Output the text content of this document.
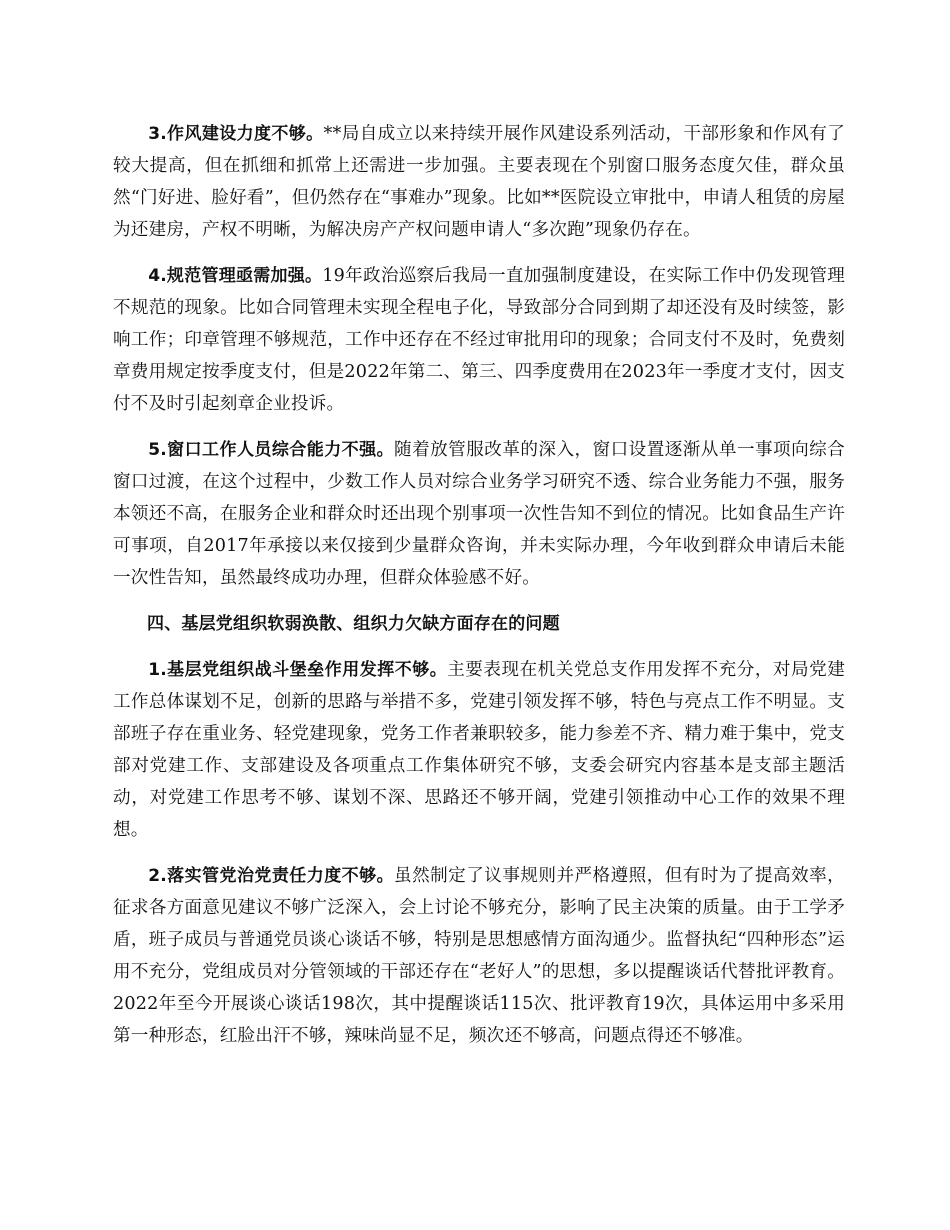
3.作风建设力度不够。**局自成立以来持续开展作风建设系列活动，干部形象和作风有了较大提高，但在抓细和抓常上还需进一步加强。主要表现在个别窗口服务态度欠佳，群众虽然“门好进、脸好看”，但仍然存在“事难办”现象。比如**医院设立审批中，申请人租赁的房屋为还建房，产权不明晰，为解决房产产权问题申请人“多次跑”现象仍存在。

4.规范管理亟需加强。19年政治巡察后我局一直加强制度建设，在实际工作中仍发现管理不规范的现象。比如合同管理未实现全程电子化，导致部分合同到期了却还没有及时续签，影响工作；印章管理不够规范，工作中还存在不经过审批用印的现象；合同支付不及时，免费刻章费用规定按季度支付，但是2022年第二、第三、四季度费用在2023年一季度才支付，因支付不及时引起刻章企业投诉。

5.窗口工作人员综合能力不强。随着放管服改革的深入，窗口设置逐渐从单一事项向综合窗口过渡，在这个过程中，少数工作人员对综合业务学习研究不透、综合业务能力不强，服务本领还不高，在服务企业和群众时还出现个别事项一次性告知不到位的情况。比如食品生产许可事项，自2017年承接以来仅接到少量群众咨询，并未实际办理，今年收到群众申请后未能一次性告知，虽然最终成功办理，但群众体验感不好。

四、基层党组织软弱涣散、组织力欠缺方面存在的问题

1.基层党组织战斗堡垒作用发挥不够。主要表现在机关党总支作用发挥不充分，对局党建工作总体谋划不足，创新的思路与举措不多，党建引领发挥不够，特色与亮点工作不明显。支部班子存在重业务、轻党建现象，党务工作者兼职较多，能力参差不齐、精力难于集中，党支部对党建工作、支部建设及各项重点工作集体研究不够，支委会研究内容基本是支部主题活动，对党建工作思考不够、谋划不深、思路还不够开阔，党建引领推动中心工作的效果不理想。

2.落实管党治党责任力度不够。虽然制定了议事规则并严格遵照，但有时为了提高效率，征求各方面意见建议不够广泛深入，会上讨论不够充分，影响了民主决策的质量。由于工学矛盾，班子成员与普通党员谈心谈话不够，特别是思想感情方面沟通少。监督执纪“四种形态”运用不充分，党组成员对分管领域的干部还存在“老好人”的思想，多以提醒谈话代替批评教育。2022年至今开展谈心谈话198次，其中提醒谈话115次、批评教育19次，具体运用中多采用第一种形态，红脸出汗不够，辣味尚显不足，频次还不够高，问题点得还不够准。
